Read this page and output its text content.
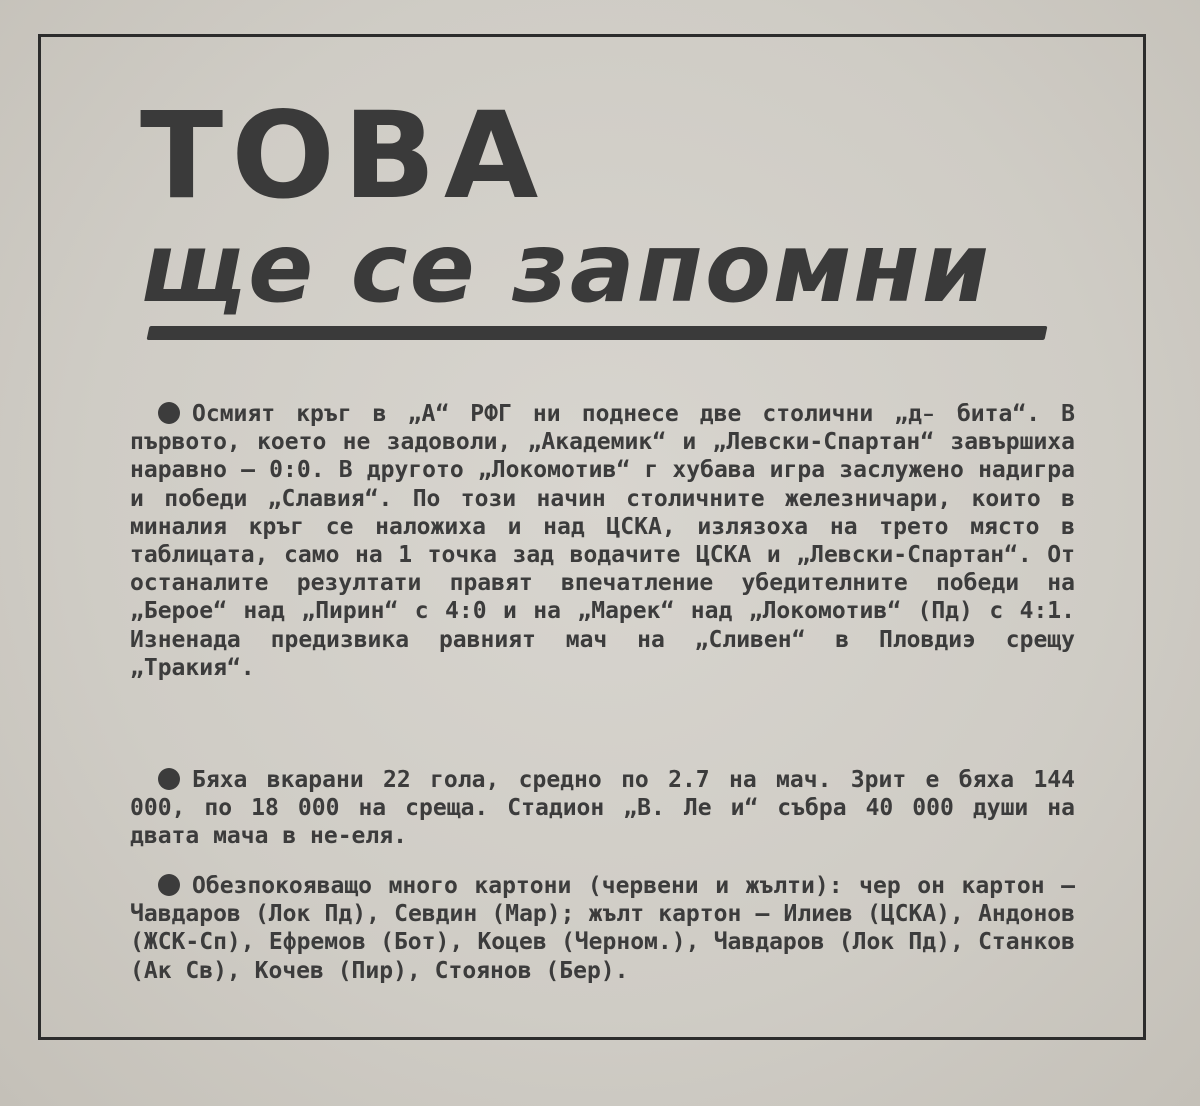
ТОВА
ще се запомни

Осмият кръг в „А“ РФГ ни поднесе две столични „д̵ бита“. В първото, което не задоволи, „Академик“ и „Левски-Спартан“ завършиха наравно — 0:0. В другото „Локомотив“ г хубава игра заслужено надигра и победи „Славия“. По този начин столичните железничари, които в миналия кръг се наложиха и над ЦСКА, излязоха на трето място в таблицата, само на 1 точка зад водачите ЦСКА и „Левски-Спартан“. От останалите резултати правят впечатление убедителните победи на „Берое“ над „Пирин“ с 4:0 и на „Марек“ над „Локомотив“ (Пд) с 4:1. Изненада предизвика равният мач на „Сливен“ в Пловдиэ срещу „Тракия“.

Бяха вкарани 22 гола, средно по 2.7 на мач. Зрит е бяха 144 000, по 18 000 на среща. Стадион „В. Ле и“ събра 40 000 души на двата мача в не-еля.

Обезпокояващо много картони (червени и жълти): чер он картон — Чавдаров (Лок Пд), Севдин (Мар); жълт картон — Илиев (ЦСКА), Андонов (ЖСК-Сп), Ефремов (Бот), Коцев (Черном.), Чавдаров (Лок Пд), Станков (Ак Св), Кочев (Пир), Стоянов (Бер).
